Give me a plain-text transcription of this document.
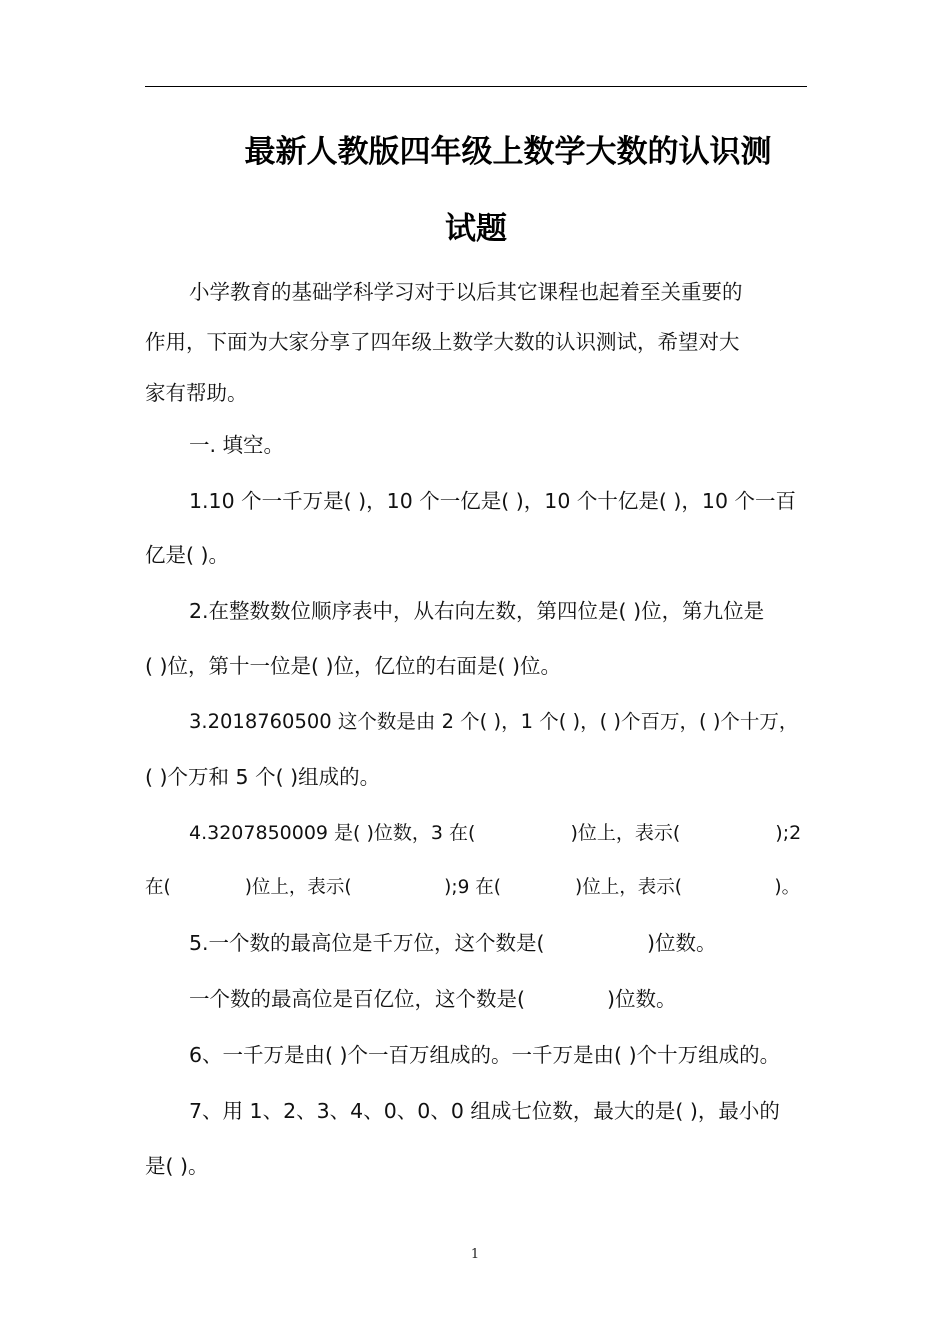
最新人教版四年级上数学大数的认识测
试题
小学教育的基础学科学习对于以后其它课程也起着至关重要的
作用，下面为大家分享了四年级上数学大数的认识测试，希望对大
家有帮助。
一. 填空。
1.10 个一千万是( )，10 个一亿是( )，10 个十亿是( )，10 个一百
亿是( )。
2.在整数数位顺序表中，从右向左数，第四位是( )位，第九位是
( )位，第十一位是( )位，亿位的右面是( )位。
3.2018760500 这个数是由 2 个( )，1 个( )，( )个百万，( )个十万，
( )个万和 5 个( )组成的。
4.3207850009 是( )位数，3 在(　　　　　)位上，表示(　　　　　);2
在(　　　　)位上，表示(　　　　　);9 在(　　　　)位上，表示(　　　　　)。
5.一个数的最高位是千万位，这个数是(　　　　　)位数。
一个数的最高位是百亿位，这个数是(　　　　)位数。
6、一千万是由( )个一百万组成的。一千万是由( )个十万组成的。
7、用 1、2、3、4、0、0、0 组成七位数，最大的是( )，最小的
是( )。
1
